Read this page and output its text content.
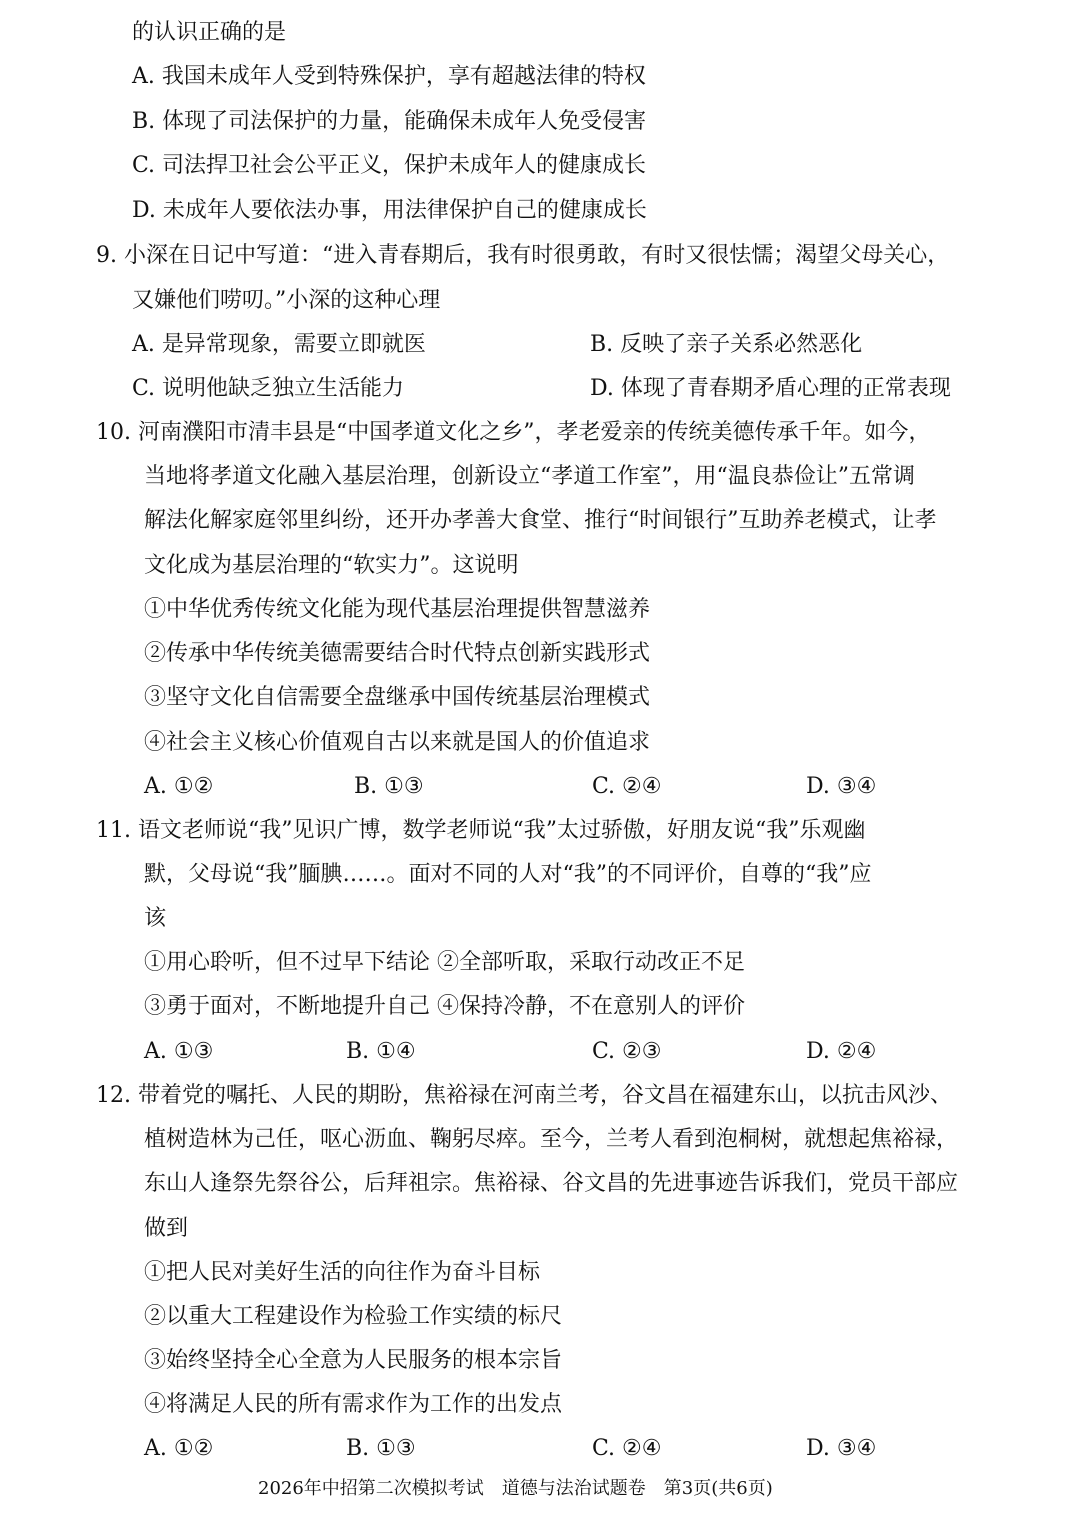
的认识正确的是
A. 我国未成年人受到特殊保护，享有超越法律的特权
B. 体现了司法保护的力量，能确保未成年人免受侵害
C. 司法捍卫社会公平正义，保护未成年人的健康成长
D. 未成年人要依法办事，用法律保护自己的健康成长
9. 小深在日记中写道：“进入青春期后，我有时很勇敢，有时又很怯懦；渴望父母关心，
又嫌他们唠叨。”小深的这种心理
A. 是异常现象，需要立即就医	B. 反映了亲子关系必然恶化
C. 说明他缺乏独立生活能力	D. 体现了青春期矛盾心理的正常表现
10. 河南濮阳市清丰县是“中国孝道文化之乡”，孝老爱亲的传统美德传承千年。如今，
当地将孝道文化融入基层治理，创新设立“孝道工作室”，用“温良恭俭让”五常调
解法化解家庭邻里纠纷，还开办孝善大食堂、推行“时间银行”互助养老模式，让孝
文化成为基层治理的“软实力”。这说明
①中华优秀传统文化能为现代基层治理提供智慧滋养
②传承中华传统美德需要结合时代特点创新实践形式
③坚守文化自信需要全盘继承中国传统基层治理模式
④社会主义核心价值观自古以来就是国人的价值追求
A. ①②	B. ①③	C. ②④	D. ③④
11. 语文老师说“我”见识广博，数学老师说“我”太过骄傲，好朋友说“我”乐观幽
默，父母说“我”腼腆……。面对不同的人对“我”的不同评价，自尊的“我”应
该
①用心聆听，但不过早下结论 ②全部听取，采取行动改正不足
③勇于面对，不断地提升自己 ④保持冷静，不在意别人的评价
A. ①③	B. ①④	C. ②③	D. ②④
12. 带着党的嘱托、人民的期盼，焦裕禄在河南兰考，谷文昌在福建东山，以抗击风沙、
植树造林为己任，呕心沥血、鞠躬尽瘁。至今，兰考人看到泡桐树，就想起焦裕禄，
东山人逢祭先祭谷公，后拜祖宗。焦裕禄、谷文昌的先进事迹告诉我们，党员干部应
做到
①把人民对美好生活的向往作为奋斗目标
②以重大工程建设作为检验工作实绩的标尺
③始终坚持全心全意为人民服务的根本宗旨
④将满足人民的所有需求作为工作的出发点
A. ①②	B. ①③	C. ②④	D. ③④
2026年中招第二次模拟考试　道德与法治试题卷　第3页(共6页)
